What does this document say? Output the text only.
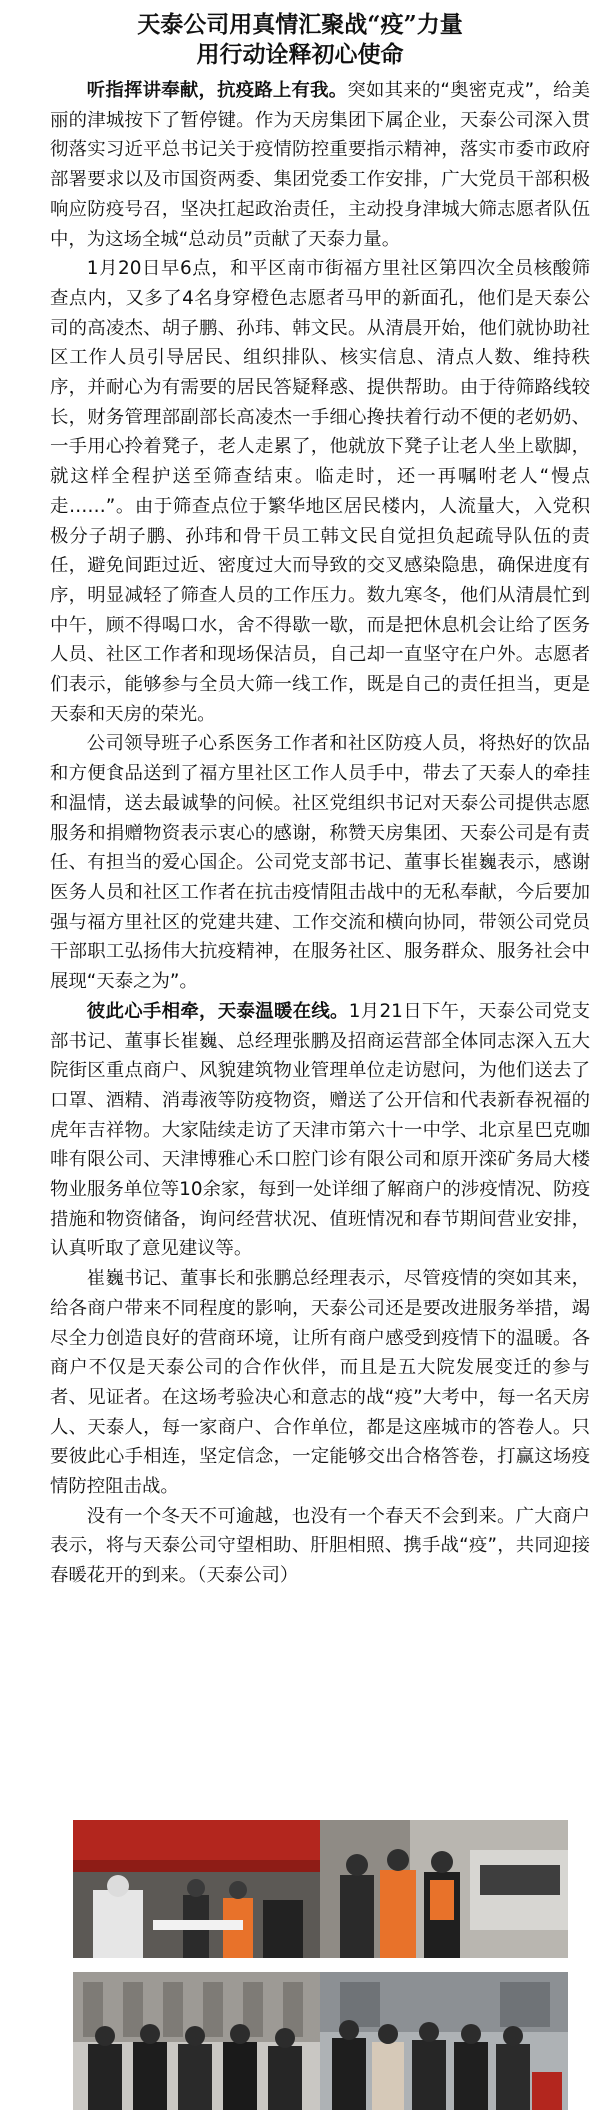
天泰公司用真情汇聚战“疫”力量
用行动诠释初心使命

听指挥讲奉献，抗疫路上有我。突如其来的“奥密克戎”，给美丽的津城按下了暂停键。作为天房集团下属企业，天泰公司深入贯彻落实习近平总书记关于疫情防控重要指示精神，落实市委市政府部署要求以及市国资两委、集团党委工作安排，广大党员干部积极响应防疫号召，坚决扛起政治责任，主动投身津城大筛志愿者队伍中，为这场全城“总动员”贡献了天泰力量。

1月20日早6点，和平区南市街福方里社区第四次全员核酸筛查点内，又多了4名身穿橙色志愿者马甲的新面孔，他们是天泰公司的高凌杰、胡子鹏、孙玮、韩文民。从清晨开始，他们就协助社区工作人员引导居民、组织排队、核实信息、清点人数、维持秩序，并耐心为有需要的居民答疑释惑、提供帮助。由于待筛路线较长，财务管理部副部长高凌杰一手细心搀扶着行动不便的老奶奶、一手用心拎着凳子，老人走累了，他就放下凳子让老人坐上歇脚，就这样全程护送至筛查结束。临走时，还一再嘱咐老人“慢点走……”。由于筛查点位于繁华地区居民楼内，人流量大，入党积极分子胡子鹏、孙玮和骨干员工韩文民自觉担负起疏导队伍的责任，避免间距过近、密度过大而导致的交叉感染隐患，确保进度有序，明显减轻了筛查人员的工作压力。数九寒冬，他们从清晨忙到中午，顾不得喝口水，舍不得歇一歇，而是把休息机会让给了医务人员、社区工作者和现场保洁员，自己却一直坚守在户外。志愿者们表示，能够参与全员大筛一线工作，既是自己的责任担当，更是天泰和天房的荣光。

公司领导班子心系医务工作者和社区防疫人员，将热好的饮品和方便食品送到了福方里社区工作人员手中，带去了天泰人的牵挂和温情，送去最诚挚的问候。社区党组织书记对天泰公司提供志愿服务和捐赠物资表示衷心的感谢，称赞天房集团、天泰公司是有责任、有担当的爱心国企。公司党支部书记、董事长崔巍表示，感谢医务人员和社区工作者在抗击疫情阻击战中的无私奉献，今后要加强与福方里社区的党建共建、工作交流和横向协同，带领公司党员干部职工弘扬伟大抗疫精神，在服务社区、服务群众、服务社会中展现“天泰之为”。

彼此心手相牵，天泰温暖在线。1月21日下午，天泰公司党支部书记、董事长崔巍、总经理张鹏及招商运营部全体同志深入五大院街区重点商户、风貌建筑物业管理单位走访慰问，为他们送去了口罩、酒精、消毒液等防疫物资，赠送了公开信和代表新春祝福的虎年吉祥物。大家陆续走访了天津市第六十一中学、北京星巴克咖啡有限公司、天津博雅心禾口腔门诊有限公司和原开滦矿务局大楼物业服务单位等10余家，每到一处详细了解商户的涉疫情况、防疫措施和物资储备，询问经营状况、值班情况和春节期间营业安排，认真听取了意见建议等。

崔巍书记、董事长和张鹏总经理表示，尽管疫情的突如其来，给各商户带来不同程度的影响，天泰公司还是要改进服务举措，竭尽全力创造良好的营商环境，让所有商户感受到疫情下的温暖。各商户不仅是天泰公司的合作伙伴，而且是五大院发展变迁的参与者、见证者。在这场考验决心和意志的战“疫”大考中，每一名天房人、天泰人，每一家商户、合作单位，都是这座城市的答卷人。只要彼此心手相连，坚定信念，一定能够交出合格答卷，打赢这场疫情防控阻击战。

没有一个冬天不可逾越，也没有一个春天不会到来。广大商户表示，将与天泰公司守望相助、肝胆相照、携手战“疫”，共同迎接春暖花开的到来。（天泰公司）
